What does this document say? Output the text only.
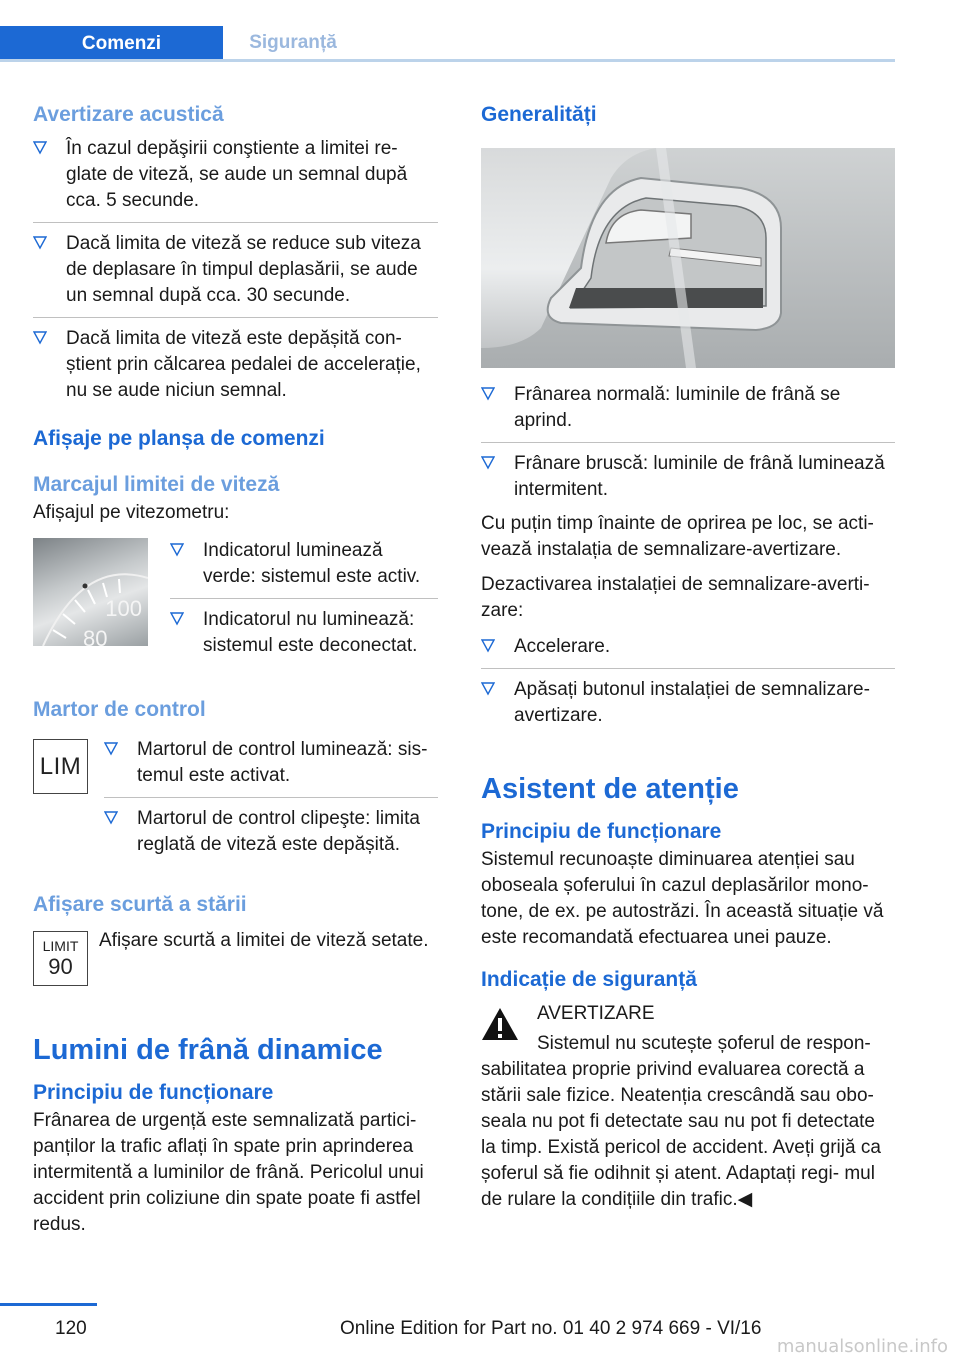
Comenzi	Siguranță
Avertizare acustică
În cazul depăşirii conştiente a limitei re‐ glate de viteză, se aude un semnal după cca. 5 secunde.
Dacă limita de viteză se reduce sub viteza de deplasare în timpul deplasării, se aude un semnal după cca. 30 secunde.
Dacă limita de viteză este depășită con‐ știent prin călcarea pedalei de accelerație, nu se aude niciun semnal.
Afișaje pe planșa de comenzi
Marcajul limitei de viteză

Afișajul pe vitezometru:

100
80
Indicatorul luminează verde: sistemul este activ.
Indicatorul nu luminează: sistemul este deconectat.
Martor de control
LIM
Martorul de control luminează: sis‐ temul este activat.
Martorul de control clipeşte: limita reglată de viteză este depășită.
Afișare scurtă a stării
LIMIT
90

Afișare scurtă a limitei de viteză setate.

Lumini de frână dinamice
Principiu de funcționare

Frânarea de urgență este semnalizată partici‐ panților la trafic aflați în spate prin aprinderea intermitentă a luminilor de frână. Pericolul unui accident prin coliziune din spate poate fi astfel redus.

Generalități
Frânarea normală: luminile de frână se aprind.
Frânare bruscă: luminile de frână luminează intermitent.

Cu puțin timp înainte de oprirea pe loc, se acti‐ vează instalația de semnalizare-avertizare.

Dezactivarea instalației de semnalizare-averti‐ zare:

Accelerare.
Apăsați butonul instalației de semnalizare- avertizare.
Asistent de atenție
Principiu de funcționare

Sistemul recunoaște diminuarea atenției sau oboseala șoferului în cazul deplasărilor mono‐ tone, de ex. pe autostrăzi. În această situație vă este recomandată efectuarea unei pauze.

Indicație de siguranță

AVERTIZARE

Sistemul nu scutește șoferul de respon‐

sabilitatea proprie privind evaluarea corectă a stării sale fizice. Neatenția crescândă sau obo‐ seala nu pot fi detectate sau nu pot fi detectate la timp. Există pericol de accident. Aveți grijă ca șoferul să fie odihnit și atent. Adaptați regi‐ mul de rulare la condițiile din trafic.◀

120	Online Edition for Part no. 01 40 2 974 669 - VI/16
manualsonline.info
